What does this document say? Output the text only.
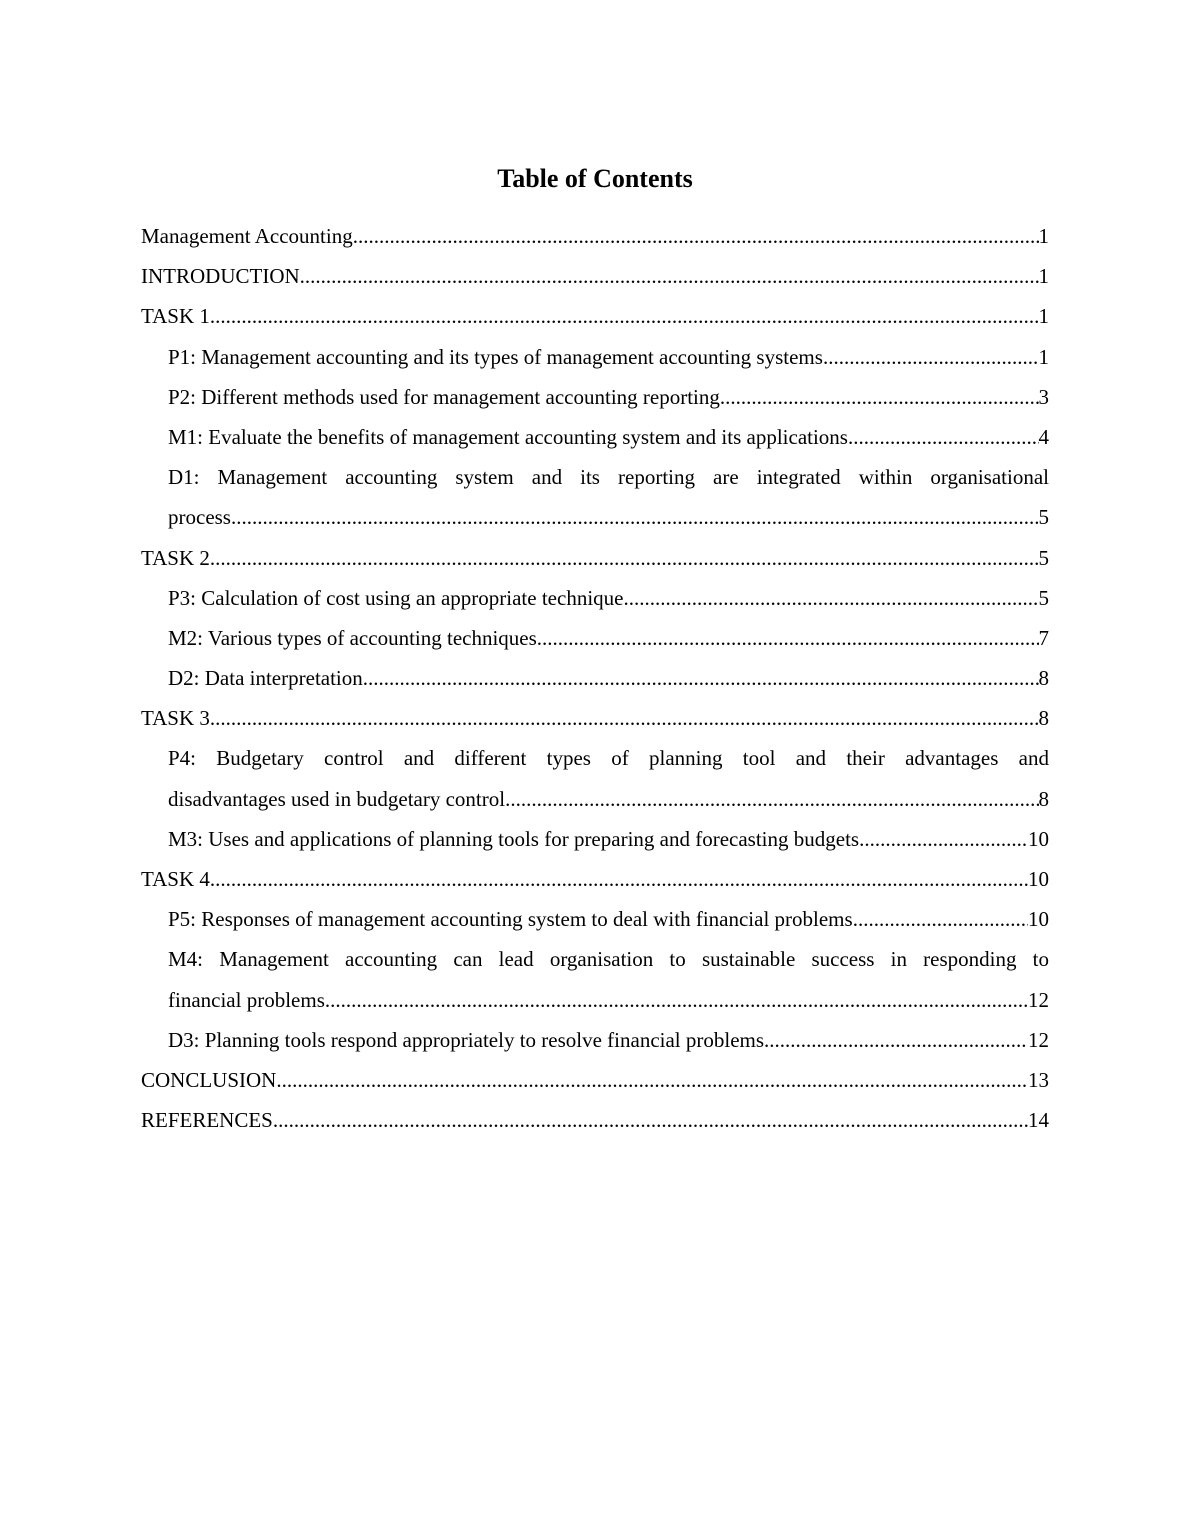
Table of Contents
Management Accounting .....	1
INTRODUCTION .....	1
TASK 1 .....	1
P1: Management accounting and its types of management accounting systems .....	1
P2: Different methods used for management accounting reporting .....	3
M1: Evaluate the benefits of management accounting system and its applications .....	4
D1: Management accounting system and its reporting are integrated within organisational
process .....	5
TASK 2 .....	5
P3: Calculation of cost using an appropriate technique .....	5
M2: Various types of accounting techniques .....	7
D2: Data interpretation .....	8
TASK 3 .....	8
P4: Budgetary control and different types of planning tool and their advantages and
disadvantages used in budgetary control .....	8
M3: Uses and applications of planning tools for preparing and forecasting budgets .....	10
TASK 4 .....	10
P5: Responses of management accounting system to deal with financial problems .....	10
M4: Management accounting can lead organisation to sustainable success in responding to
financial problems .....	12
D3: Planning tools respond appropriately to resolve financial problems .....	12
CONCLUSION .....	13
REFERENCES .....	14
